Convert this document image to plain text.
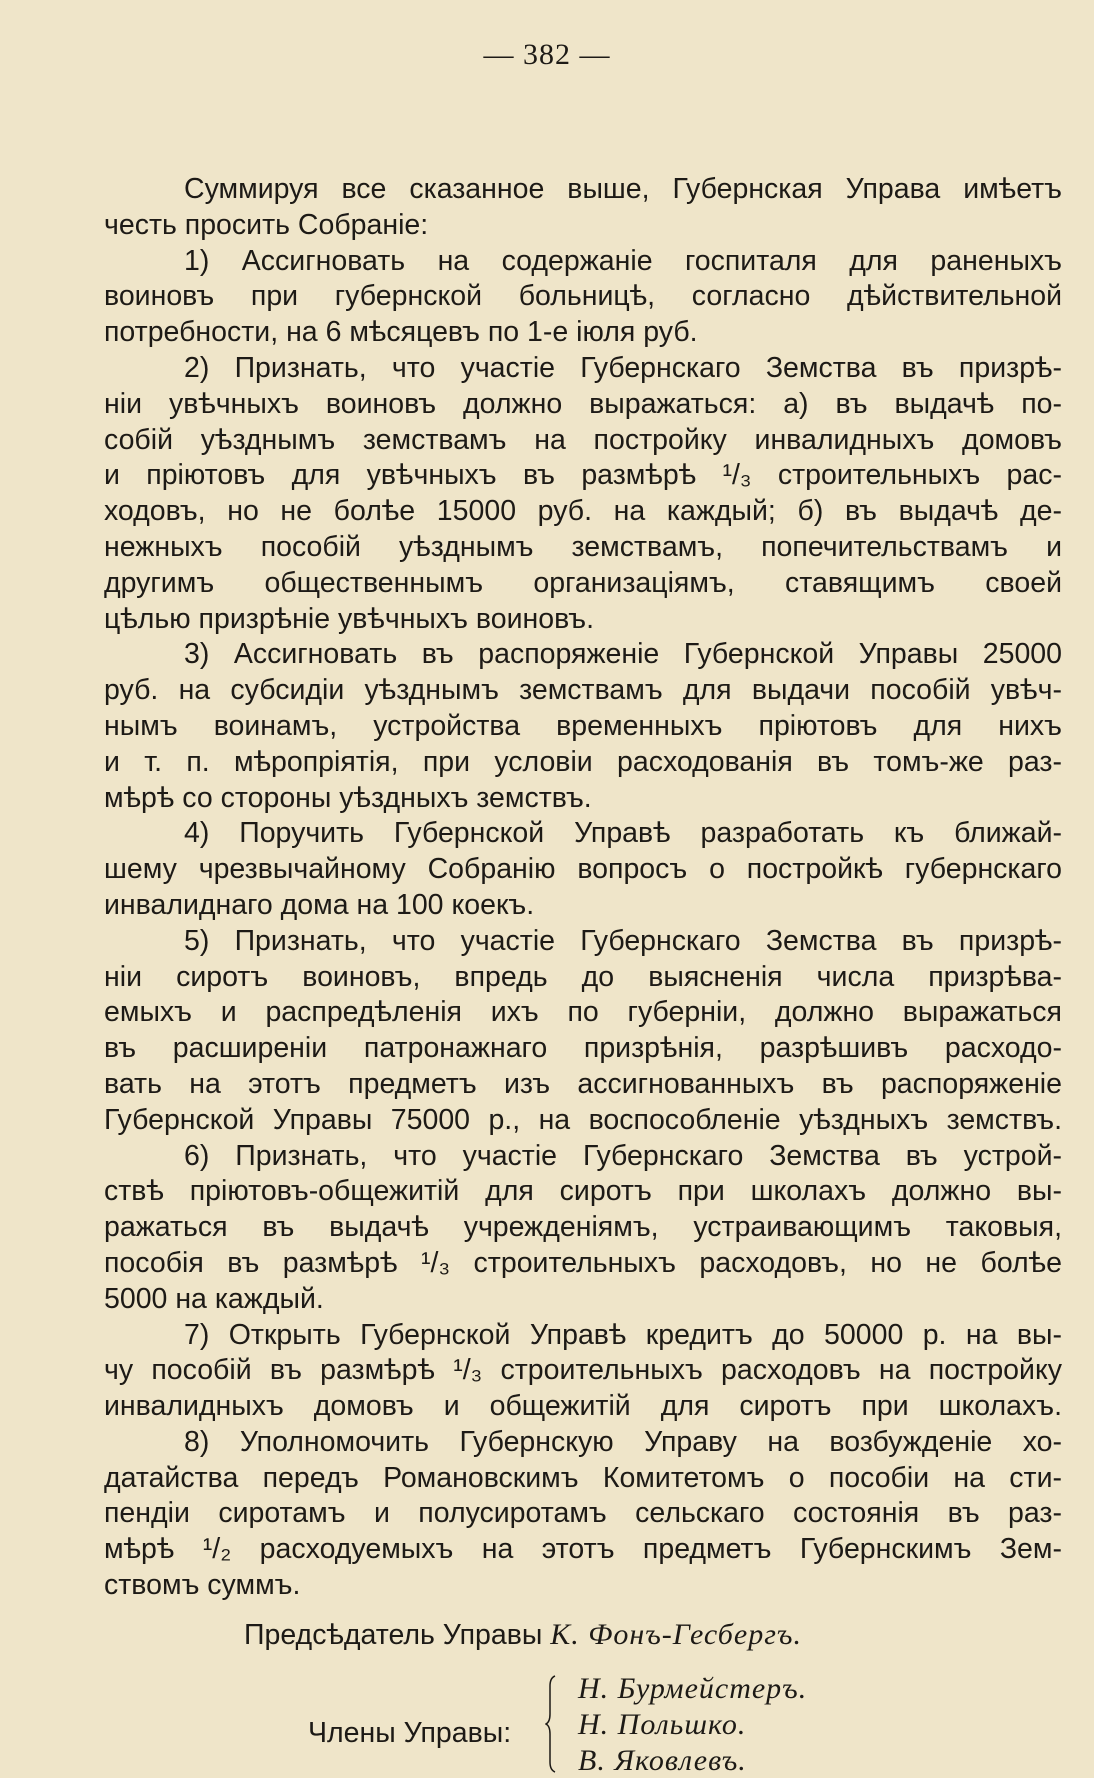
— 382 —
Суммируя все сказанное выше, Губернская Управа имѣетъ
честь просить Собраніе:
1) Ассигновать на содержаніе госпиталя для раненыхъ
воиновъ при губернской больницѣ, согласно дѣйствительной
потребности, на 6 мѣсяцевъ по 1-е іюля руб.
2) Признать, что участіе Губернскаго Земства въ призрѣ-
ніи увѣчныхъ воиновъ должно выражаться: а) въ выдачѣ по-
собій уѣзднымъ земствамъ на постройку инвалидныхъ домовъ
и пріютовъ для увѣчныхъ въ размѣрѣ ¹/₃ строительныхъ рас-
ходовъ, но не болѣе 15000 руб. на каждый; б) въ выдачѣ де-
нежныхъ пособій уѣзднымъ земствамъ, попечительствамъ и
другимъ общественнымъ организаціямъ, ставящимъ своей
цѣлью призрѣніе увѣчныхъ воиновъ.
3) Ассигновать въ распоряженіе Губернской Управы 25000
руб. на субсидіи уѣзднымъ земствамъ для выдачи пособій увѣч-
нымъ воинамъ, устройства временныхъ пріютовъ для нихъ
и т. п. мѣропріятія, при условіи расходованія въ томъ-же раз-
мѣрѣ со стороны уѣздныхъ земствъ.
4) Поручить Губернской Управѣ разработать къ ближай-
шему чрезвычайному Собранію вопросъ о постройкѣ губернскаго
инвалиднаго дома на 100 коекъ.
5) Признать, что участіе Губернскаго Земства въ призрѣ-
ніи сиротъ воиновъ, впредь до выясненія числа призрѣва-
емыхъ и распредѣленія ихъ по губерніи, должно выражаться
въ расширеніи патронажнаго призрѣнія, разрѣшивъ расходо-
вать на этотъ предметъ изъ ассигнованныхъ въ распоряженіе
Губернской Управы 75000 р., на воспособленіе уѣздныхъ земствъ.
6) Признать, что участіе Губернскаго Земства въ устрой-
ствѣ пріютовъ-общежитій для сиротъ при школахъ должно вы-
ражаться въ выдачѣ учрежденіямъ, устраивающимъ таковыя,
пособія въ размѣрѣ ¹/₃ строительныхъ расходовъ, но не болѣе
5000 на каждый.
7) Открыть Губернской Управѣ кредитъ до 50000 р. на вы-
чу пособій въ размѣрѣ ¹/₃ строительныхъ расходовъ на постройку
инвалидныхъ домовъ и общежитій для сиротъ при школахъ.
8) Уполномочить Губернскую Управу на возбужденіе хо-
датайства передъ Романовскимъ Комитетомъ о пособіи на сти-
пендіи сиротамъ и полусиротамъ сельскаго состоянія въ раз-
мѣрѣ ¹/₂ расходуемыхъ на этотъ предметъ Губернскимъ Зем-
ствомъ суммъ.
Предсѣдатель Управы К. Фонъ-Гесбергъ.
Члены Управы:
Н. Бурмейстеръ.
Н. Польшко.
В. Яковлевъ.
